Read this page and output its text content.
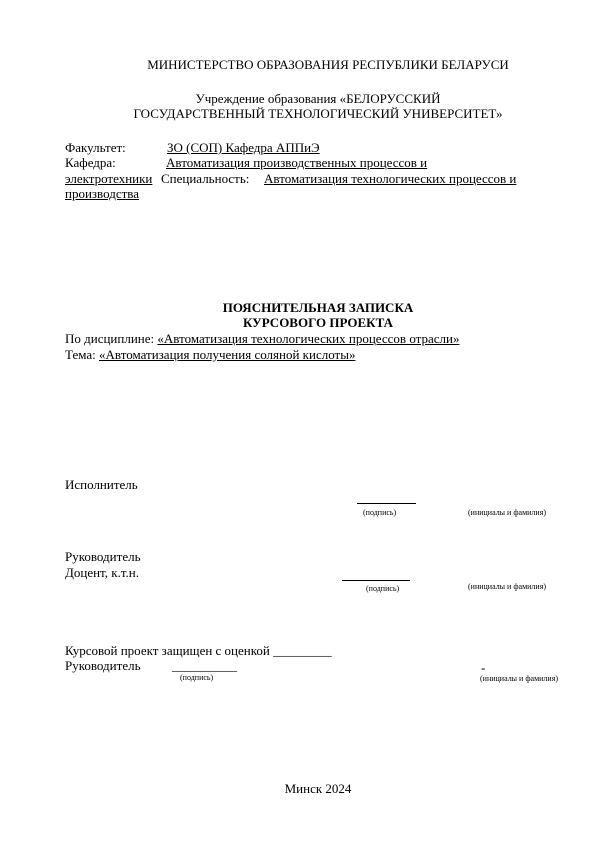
МИНИСТЕРСТВО ОБРАЗОВАНИЯ РЕСПУБЛИКИ БЕЛАРУСИ
Учреждение образования «БЕЛОРУССКИЙ
ГОСУДАРСТВЕННЫЙ ТЕХНОЛОГИЧЕСКИЙ УНИВЕРСИТЕТ»
Факультет:	ЗО (СОП) Кафедра АППиЭ
Кафедра:	Автоматизация производственных процессов и
электротехники Специальность: Автоматизация технологических процессов и
производства
ПОЯСНИТЕЛЬНАЯ ЗАПИСКА
КУРСОВОГО ПРОЕКТА
По дисциплине: «Автоматизация технологических процессов отрасли»
Тема: «Автоматизация получения соляной кислоты»
Исполнитель
(подпись)	(инициалы и фамилия)
Руководитель
Доцент, к.т.н.
(подпись)	(инициалы и фамилия)
Курсовой проект защищен с оценкой _________
Руководитель __________
(подпись)
-
(инициалы и фамилия)
Минск 2024
